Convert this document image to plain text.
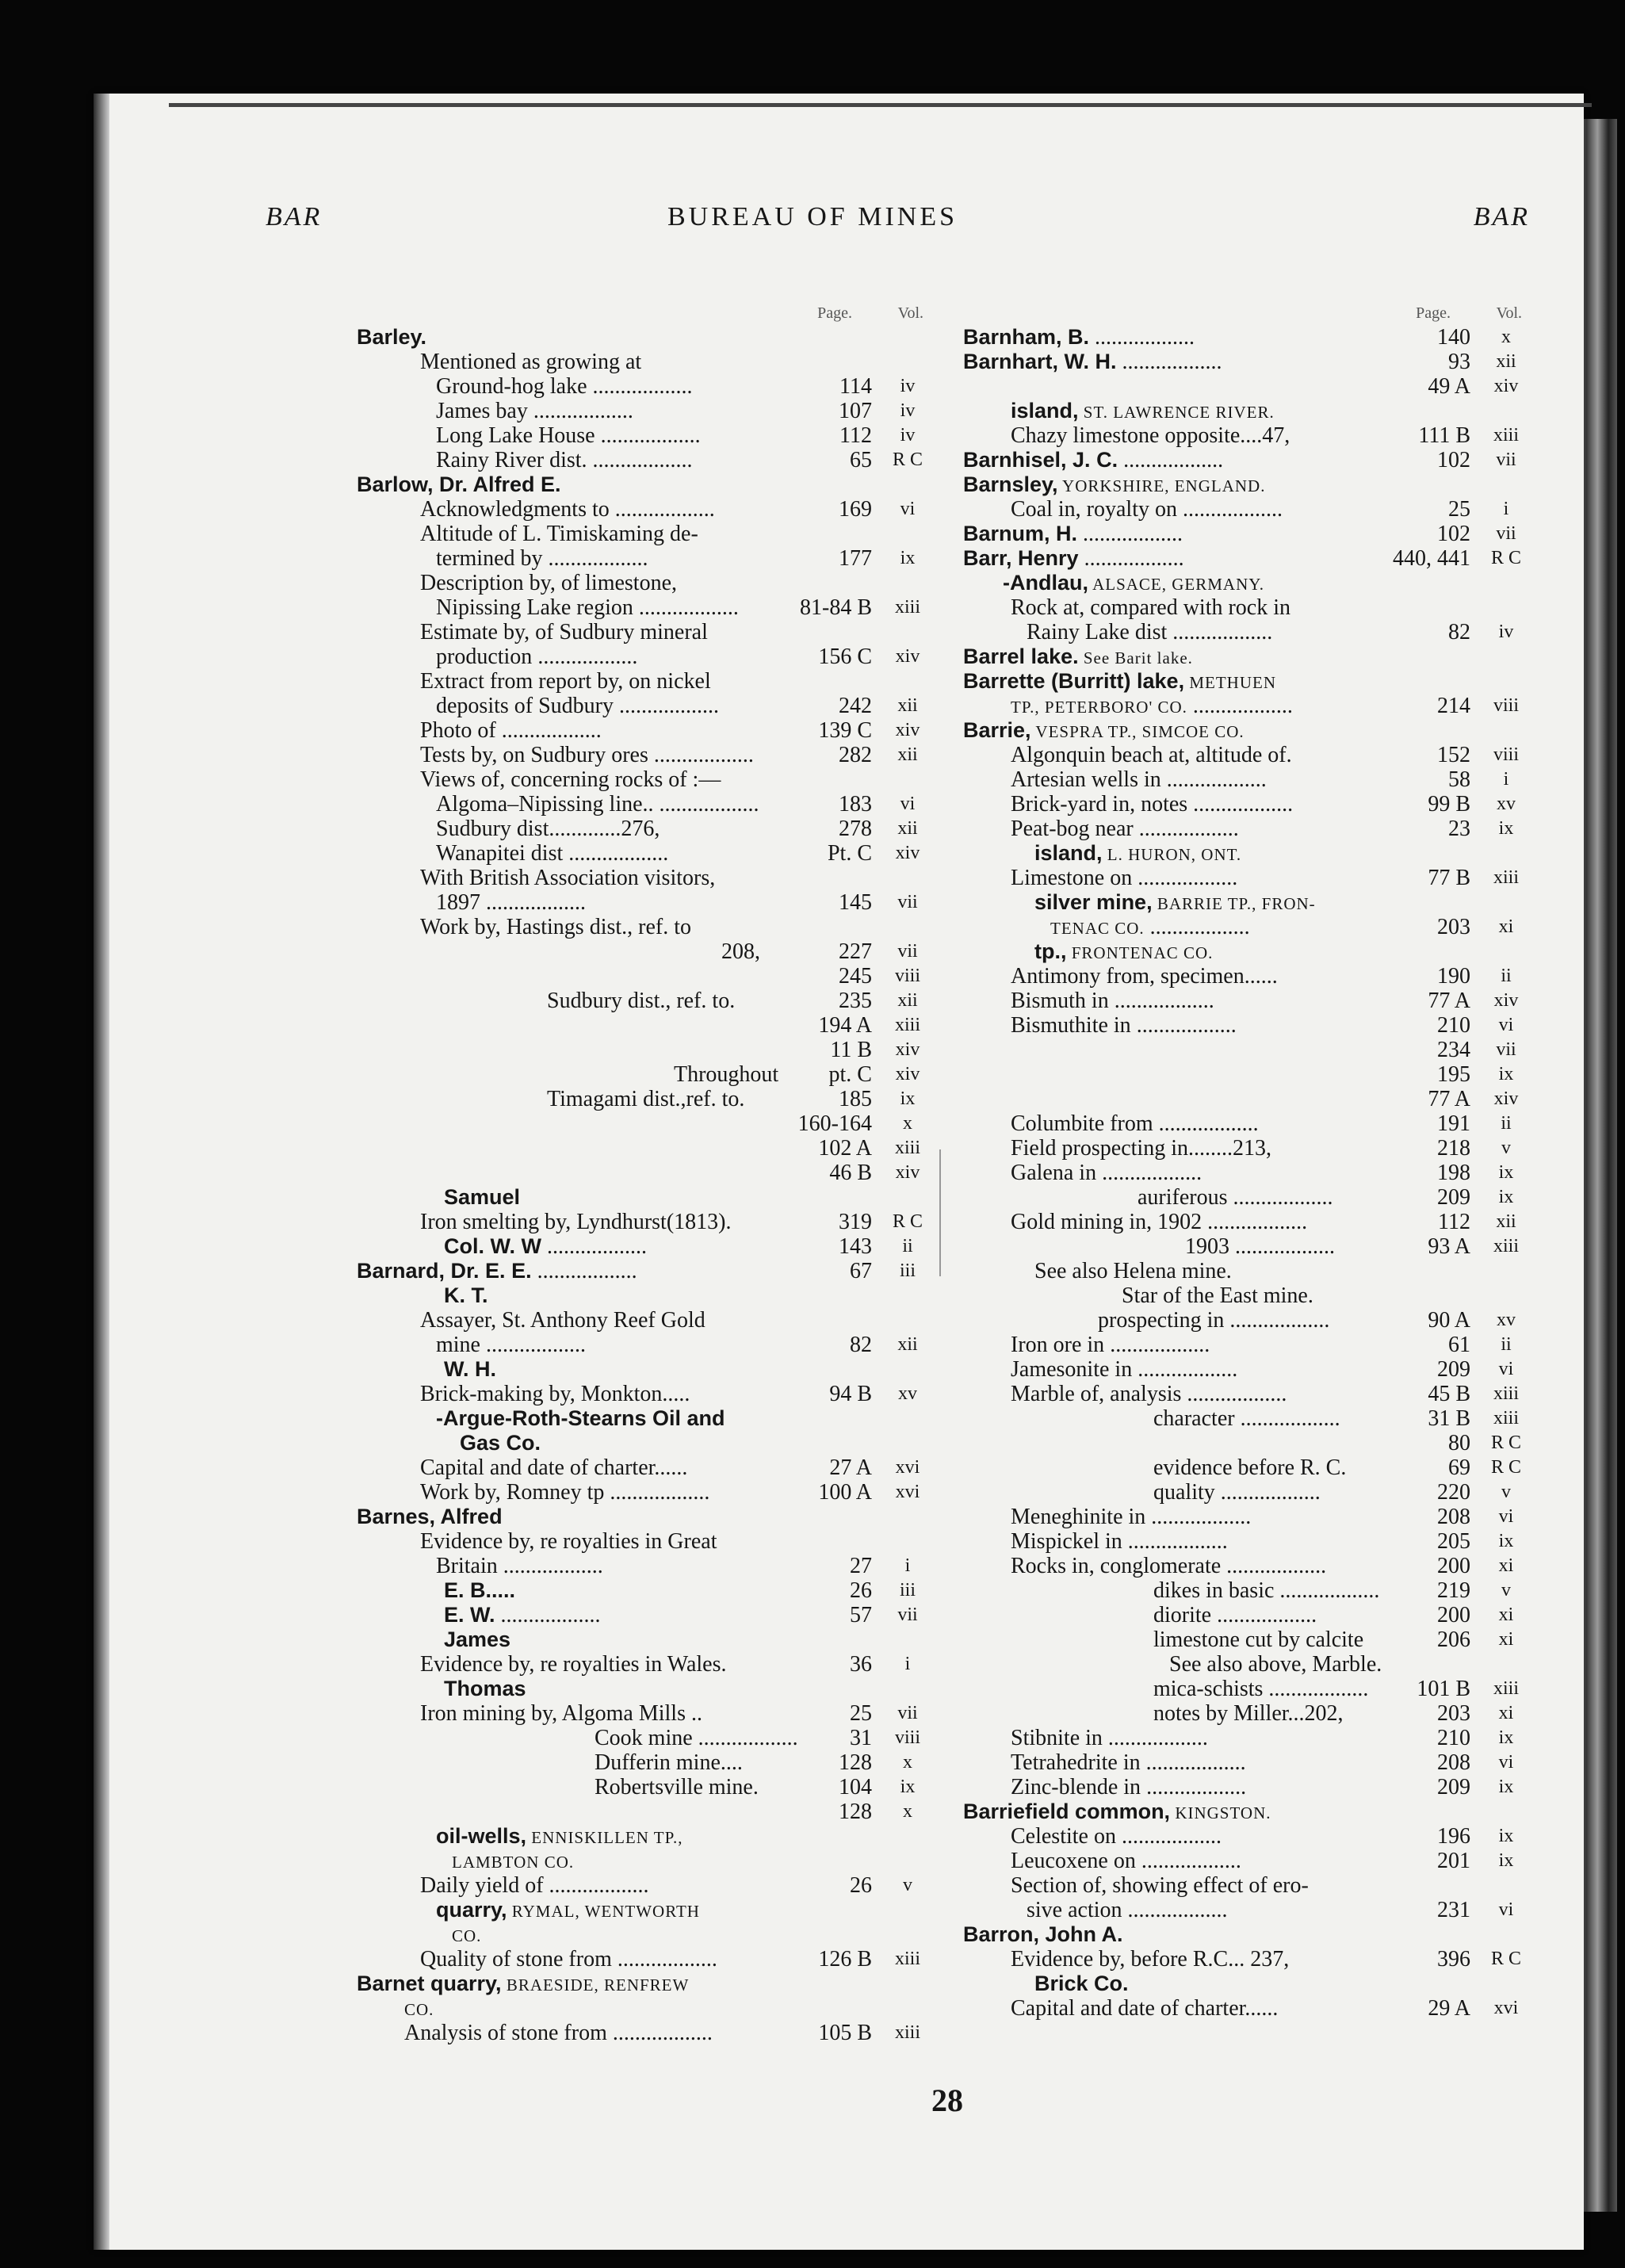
BAR	BUREAU OF MINES	BAR
Page.	Vol.
Barley.
Mentioned as growing at
Ground-hog lake ..................	114	iv
James bay ..................	107	iv
Long Lake House ..................	112	iv
Rainy River dist. ..................	65	R C
Barlow, Dr. Alfred E.
Acknowledgments to ..................	169	vi
Altitude of L. Timiskaming de-
termined by ..................	177	ix
Description by, of limestone,
Nipissing Lake region ..................	81-84 B	xiii
Estimate by, of Sudbury mineral
production ..................	156 C	xiv
Extract from report by, on nickel
deposits of Sudbury ..................	242	xii
Photo of ..................	139 C	xiv
Tests by, on Sudbury ores ..................	282	xii
Views of, concerning rocks of :—
Algoma–Nipissing line.. ..................	183	vi
Sudbury dist.............276,	278	xii
Wanapitei dist ..................	Pt. C	xiv
With British Association visitors,
1897 ..................	145	vii
Work by, Hastings dist., ref. to
208,	227	vii
245	viii
Sudbury dist., ref. to.	235	xii
194 A	xiii
11 B	xiv
Throughout pt. C	xiv
Timagami dist.,ref. to.	185	ix
160-164	x
102 A	xiii
46 B	xiv
Samuel
Iron smelting by, Lyndhurst(1813).	319	R C
Col. W. W ..................	143	ii
Barnard, Dr. E. E. ..................	67	iii
K. T.
Assayer, St. Anthony Reef Gold
mine ..................	82	xii
W. H.
Brick-making by, Monkton.....	94 B	xv
-Argue-Roth-Stearns Oil and
Gas Co.
Capital and date of charter......	27 A	xvi
Work by, Romney tp ..................	100 A	xvi
Barnes, Alfred
Evidence by, re royalties in Great
Britain ..................	27	i
E. B.....	26	iii
E. W. ..................	57	vii
James
Evidence by, re royalties in Wales.	36	i
Thomas
Iron mining by, Algoma Mills ..	25	vii
Cook mine .................. 31	viii
Dufferin mine....	128	x
Robertsville mine.	104	ix
128	x
oil-wells, ENNISKILLEN TP.,
LAMBTON CO.
Daily yield of ..................	26	v
quarry, RYMAL, WENTWORTH
CO.
Quality of stone from ..................	126 B	xiii
Barnet quarry, BRAESIDE, RENFREW
CO.
Analysis of stone from ..................	105 B	xiii
Page.	Vol.
Barnham, B. ..................	140	x
Barnhart, W. H. ..................	93	xii
49 A	xiv
island, ST. LAWRENCE RIVER.
Chazy limestone opposite....47,	111 B	xiii
Barnhisel, J. C. ..................	102	vii
Barnsley, YORKSHIRE, ENGLAND.
Coal in, royalty on ..................	25	i
Barnum, H. ..................	102	vii
Barr, Henry ..................	440, 441	R C
-Andlau, ALSACE, GERMANY.
Rock at, compared with rock in
Rainy Lake dist ..................	82	iv
Barrel lake. See Barit lake.
Barrette (Burritt) lake, METHUEN
TP., PETERBORO' CO. ..................	214	viii
Barrie, VESPRA TP., SIMCOE CO.
Algonquin beach at, altitude of.	152	viii
Artesian wells in ..................	58	i
Brick-yard in, notes ..................	99 B	xv
Peat-bog near ..................	23	ix
island, L. HURON, ONT.
Limestone on ..................	77 B	xiii
silver mine, BARRIE TP., FRON-
TENAC CO. ..................	203	xi
tp., FRONTENAC CO.
Antimony from, specimen......	190	ii
Bismuth in ..................	77 A	xiv
Bismuthite in ..................	210	vi
234	vii
195	ix
77 A	xiv
Columbite from ..................	191	ii
Field prospecting in........213,	218	v
Galena in ..................	198	ix
auriferous ..................	209	ix
Gold mining in, 1902 ..................	112	xii
1903 ..................	93 A	xiii
See also Helena mine.
Star of the East mine.
prospecting in ..................	90 A	xv
Iron ore in ..................	61	ii
Jamesonite in ..................	209	vi
Marble of, analysis ..................	45 B	xiii
character ..................	31 B	xiii
80	R C
evidence before R. C.	69	R C
quality ..................	220	v
Meneghinite in ..................	208	vi
Mispickel in ..................	205	ix
Rocks in, conglomerate ..................	200	xi
dikes in basic ..................	219	v
diorite ..................	200	xi
limestone cut by calcite	206	xi
See also above, Marble.
mica-schists .................. 101 B	xiii
notes by Miller...202,	203	xi
Stibnite in ..................	210	ix
Tetrahedrite in ..................	208	vi
Zinc-blende in ..................	209	ix
Barriefield common, KINGSTON.
Celestite on ..................	196	ix
Leucoxene on ..................	201	ix
Section of, showing effect of ero-
sive action ..................	231	vi
Barron, John A.
Evidence by, before R.C... 237,	396	R C
Brick Co.
Capital and date of charter......	29 A	xvi
28
